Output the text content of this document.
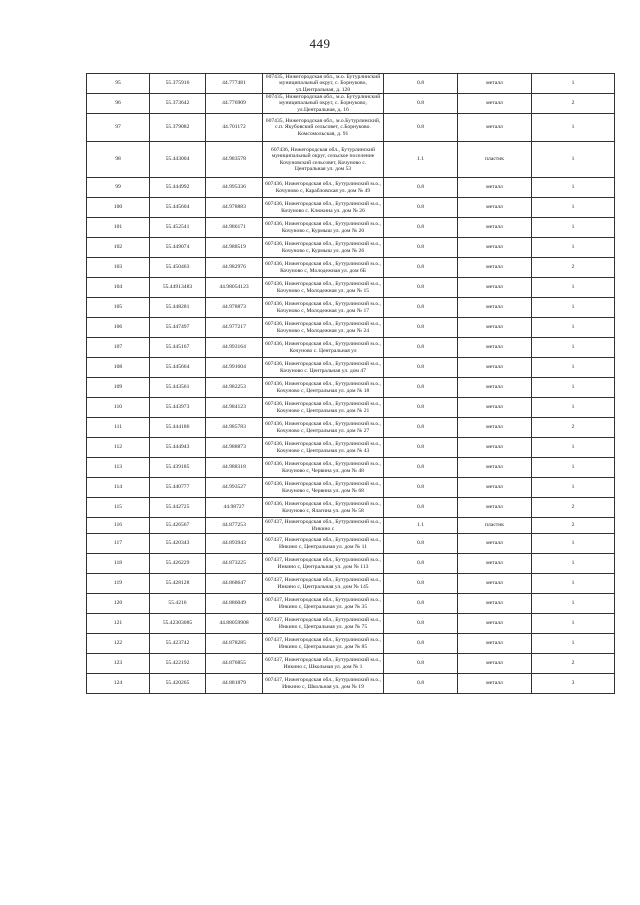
449
95	55.375916	44.777481	607435, Нижегородская обл., м.о. Бутурлинский муниципальный округ, с. Борнуково, ул.Центральная, д. 120	0.8	металл	1
96	55.373642	44.776909	607435, Нижегородская обл., м.о. Бутурлинский муниципальный округ, с. Борнуково, ул.Центральная, д. 16	0.8	металл	2
97	55.379082	44.701172	607435, Нижегородская обл., м.о.Бутурлинский, с.п. Якубовский сельсовет, с.Борнуково. Комсомольская, д. 91	0.8	металл	1
98	55.443004	44.983578	607436, Нижегородская обл., Бутурлинский муниципальный округ, сельское поселение Кочуновский сельсовет, Кочуново с. Центральная ул. дом 53	1.1	пластик	1
99	55.444992	44.995336	607436, Нижегородская обл., Бутурлинский м.о., Кочуново с, Карабловская ул. дом № 49	0.8	металл	1
100	55.445604	44.978883	607436, Нижегородская обл., Бутурлинский м.о., Кочуново с. Клюкина ул. дом № 26	0.8	металл	1
101	55.452541	44.986171	607436, Нижегородская обл., Бутурлинский м.о., Кочуново с, Курмыш ул. дом № 20	0.8	металл	1
102	55.449074	44.988519	607436, Нижегородская обл., Бутурлинский м.о., Кочуново с, Курмыш ул. дом № 26	0.8	металл	1
103	55.450463	44.982976	607436, Нижегородская обл., Бутурлинский м.о., Кочуново с, Молодежная ул. дом 6Б	0.8	металл	2
104	55.44913483	44.98054123	607436, Нижегородская обл., Бутурлинский м.о., Кочуново с, Молодежная ул. дом № 15	0.8	металл	1
105	55.448281	44.978873	607436, Нижегородская обл., Бутурлинский м.о., Кочуново с, Молодежная ул. дом № 17	0.8	металл	1
106	55.447497	44.977217	607436, Нижегородская обл., Бутурлинский м.о., Кочуново с, Молодежная ул. дом № 24	0.8	металл	1
107	55.445167	44.993164	607436, Нижегородская обл., Бутурлинский м.о., Кочуново с. Центральная ул	0.8	металл	1
108	55.445664	44.991604	607436, Нижегородская обл., Бутурлинский м.о., Кочуново с. Центральная ул. дом 47	0.8	металл	1
109	55.443561	44.982253	607436, Нижегородская обл., Бутурлинский м.о., Кочуново с, Центральная ул. дом № 18	0.8	металл	1
110	55.443973	44.984123	607436, Нижегородская обл., Бутурлинский м.о., Кочуново с, Центральная ул. дом № 21	0.8	металл	1
111	55.444186	44.985783	607436, Нижегородская обл., Бутурлинский м.о., Кочуново с, Центральная ул. дом № 27	0.8	металл	2
112	55.444943	44.988873	607436, Нижегородская обл., Бутурлинский м.о., Кочуново с, Центральная ул. дом № 43	0.8	металл	1
113	55.439185	44.988318	607436, Нижегородская обл., Бутурлинский м.о., Кочуново с, Червина ул. дом № 48	0.8	металл	1
114	55.440777	44.993527	607436, Нижегородская обл., Бутурлинский м.о., Кочуново с, Червина ул. дом № 68	0.8	металл	1
115	55.442725	44.98727	607436, Нижегородская обл., Бутурлинский м.о., Кочуново с, Ялагина ул. дом № 58	0.8	металл	2
116	55.426567	44.877253	607437, Нижегородская обл., Бутурлинский м.о., Инкино с	1.1	пластик	2
117	55.420343	44.893943	607437, Нижегородская обл., Бутурлинский м.о., Инкино с, Центральная ул. дом № 11	0.8	металл	1
118	55.426229	44.873225	607437, Нижегородская обл., Бутурлинский м.о., Инкино с, Центральная ул. дом № 113	0.8	металл	1
119	55.428128	44.868647	607437, Нижегородская обл., Бутурлинский м.о., Инкино с, Центральная ул. дом № 145	0.8	металл	1
120	55.4216	44.886049	607437, Нижегородская обл., Бутурлинский м.о., Инкино с, Центральная ул. дом № 35	0.8	металл	1
121	55.42303085	44.88059908	607437, Нижегородская обл., Бутурлинский м.о., Инкино с, Центральная ул. дом № 75	0.8	металл	1
122	55.423742	44.878285	607437, Нижегородская обл., Бутурлинский м.о., Инкино с, Центральная ул. дом № 85	0.8	металл	1
123	55.422192	44.876855	607437, Нижегородская обл., Бутурлинский м.о., Инкино с, Школьная ул. дом № 1	0.8	металл	2
124	55.420265	44.881879	607437, Нижегородская обл., Бутурлинский м.о., Инкино с, Школьная ул. дом № 19	0.8	металл	3
